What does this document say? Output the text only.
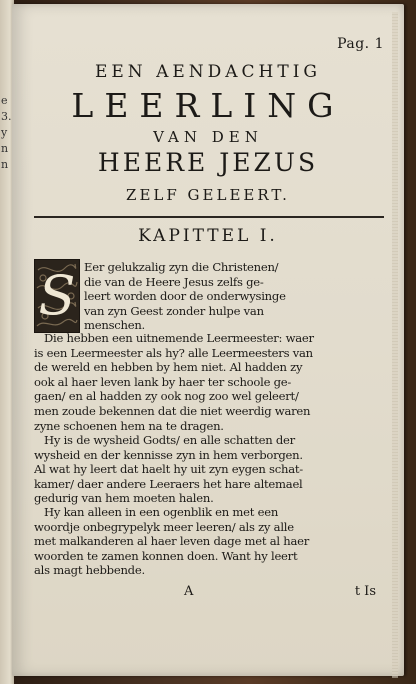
e
3.
y
n
n
Pag. 1
EEN AENDACHTIG
LEERLING
VAN DEN
HEERE JEZUS
ZELF GELEERT.
KAPITTEL I.
S Eer gelukzalig zyn die Christenen/
die van de Heere Jesus zelfs ge-
leert worden door de onderwysinge
van zyn Geest zonder hulpe van
menschen.
Die hebben een uitnemende Leermeester: waer
is een Leermeester als hy? alle Leermeesters van
de wereld en hebben by hem niet. Al hadden zy
ook al haer leven lank by haer ter schoole ge-
gaen/ en al hadden zy ook nog zoo wel geleert/
men zoude bekennen dat die niet weerdig waren
zyne schoenen hem na te dragen.
Hy is de wysheid Godts/ en alle schatten der
wysheid en der kennisse zyn in hem verborgen.
Al wat hy leert dat haelt hy uit zyn eygen schat-
kamer/ daer andere Leeraers het hare altemael
gedurig van hem moeten halen.
Hy kan alleen in een ogenblik en met een
woordje onbegrypelyk meer leeren/ als zy alle
met malkanderen al haer leven dage met al haer
woorden te zamen konnen doen. Want hy leert
als magt hebbende.
A	t Is
